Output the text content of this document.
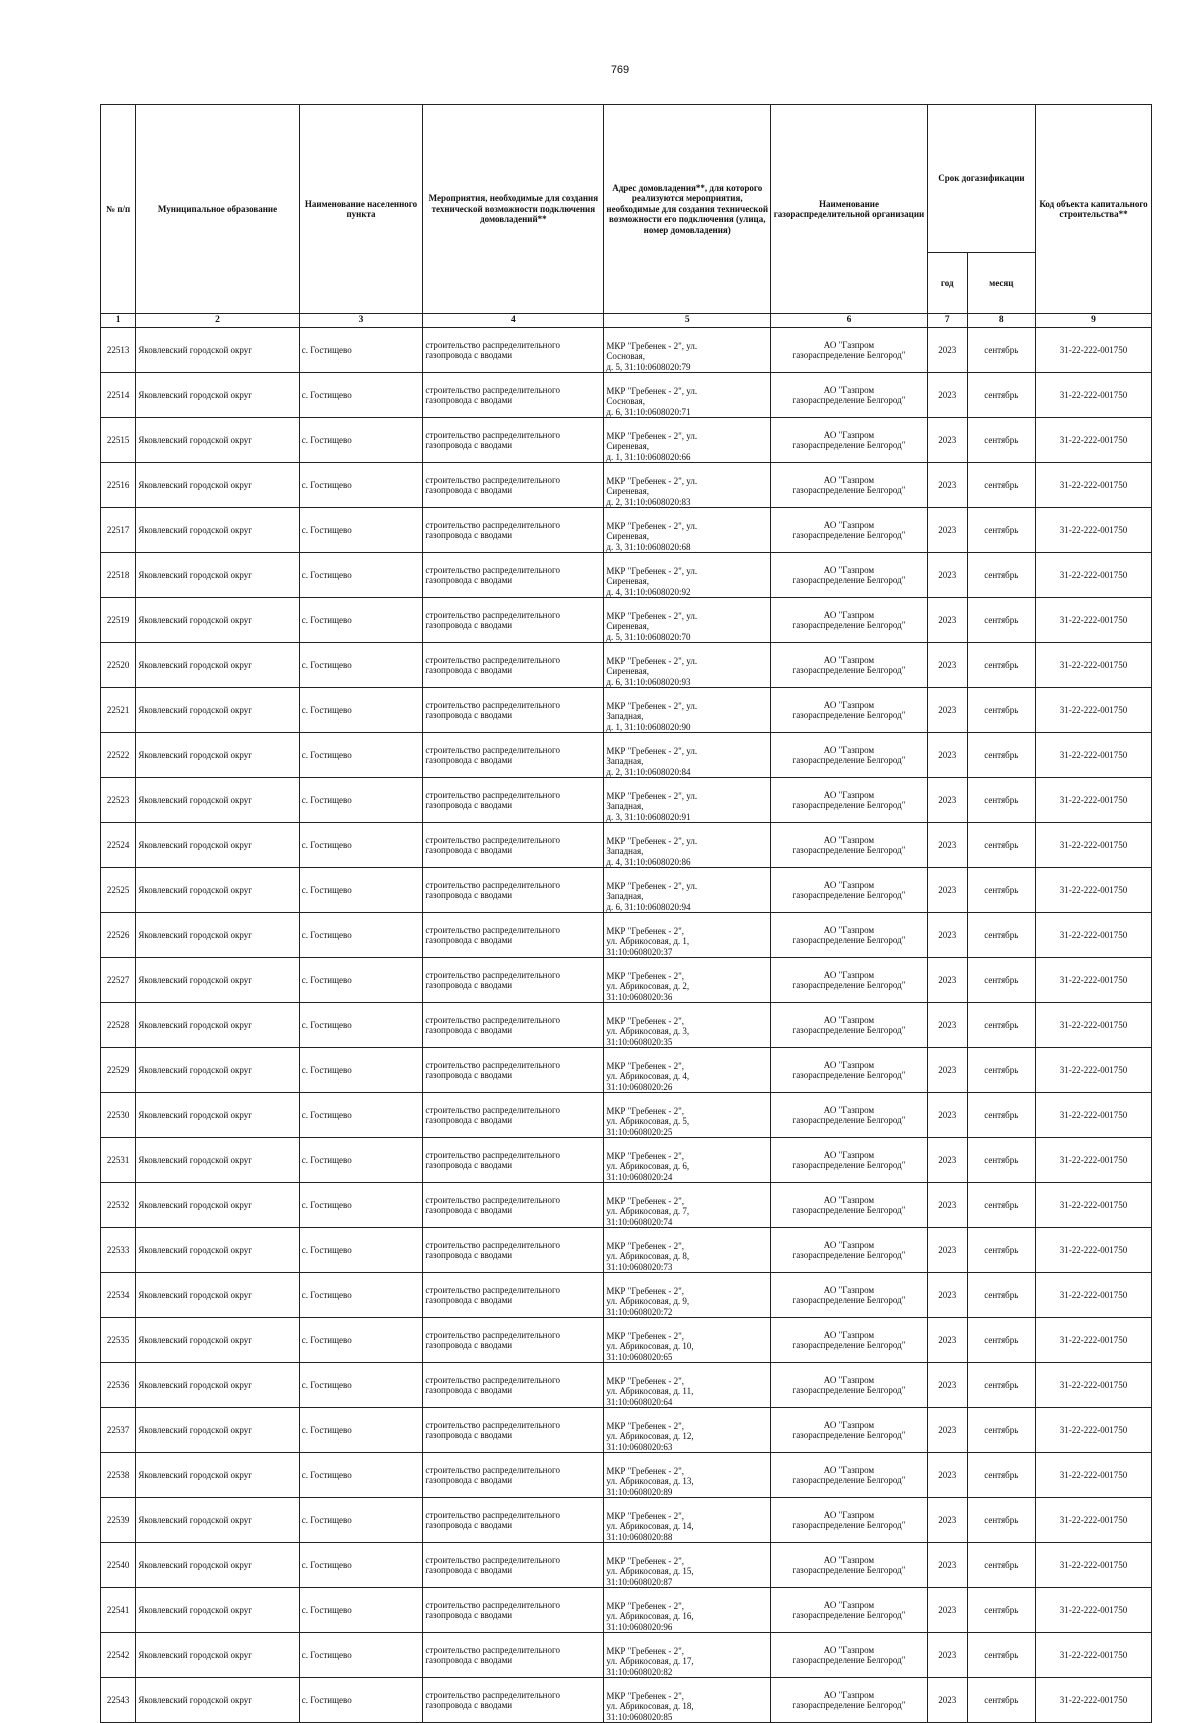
769
№ п/п	Муниципальное образование	Наименование населенного пункта	Мероприятия, необходимые для создания технической возможности подключения домовладений**	Адрес домовладения**, для которого реализуются мероприятия, необходимые для создания технической возможности его подключения (улица, номер домовладения)	Наименование газораспределительной организации	Срок догазификации		Код объекта капитального строительства**
						год	месяц	
1	2	3	4	5	6	7	8	9
22513	Яковлевский городской округ	с. Гостищево	строительство распределительного газопровода с вводами	МКР "Гребенек - 2", ул.
Сосновая,
д. 5, 31:10:0608020:79	АО "Газпром
газораспределение Белгород"	2023	сентябрь	31-22-222-001750
22514	Яковлевский городской округ	с. Гостищево	строительство распределительного газопровода с вводами	МКР "Гребенек - 2", ул.
Сосновая,
д. 6, 31:10:0608020:71	АО "Газпром
газораспределение Белгород"	2023	сентябрь	31-22-222-001750
22515	Яковлевский городской округ	с. Гостищево	строительство распределительного газопровода с вводами	МКР "Гребенек - 2", ул.
Сиреневая,
д. 1, 31:10:0608020:66	АО "Газпром
газораспределение Белгород"	2023	сентябрь	31-22-222-001750
22516	Яковлевский городской округ	с. Гостищево	строительство распределительного газопровода с вводами	МКР "Гребенек - 2", ул.
Сиреневая,
д. 2, 31:10:0608020:83	АО "Газпром
газораспределение Белгород"	2023	сентябрь	31-22-222-001750
22517	Яковлевский городской округ	с. Гостищево	строительство распределительного газопровода с вводами	МКР "Гребенек - 2", ул.
Сиреневая,
д. 3, 31:10:0608020:68	АО "Газпром
газораспределение Белгород"	2023	сентябрь	31-22-222-001750
22518	Яковлевский городской округ	с. Гостищево	строительство распределительного газопровода с вводами	МКР "Гребенек - 2", ул.
Сиреневая,
д. 4, 31:10:0608020:92	АО "Газпром
газораспределение Белгород"	2023	сентябрь	31-22-222-001750
22519	Яковлевский городской округ	с. Гостищево	строительство распределительного газопровода с вводами	МКР "Гребенек - 2", ул.
Сиреневая,
д. 5, 31:10:0608020:70	АО "Газпром
газораспределение Белгород"	2023	сентябрь	31-22-222-001750
22520	Яковлевский городской округ	с. Гостищево	строительство распределительного газопровода с вводами	МКР "Гребенек - 2", ул.
Сиреневая,
д. 6, 31:10:0608020:93	АО "Газпром
газораспределение Белгород"	2023	сентябрь	31-22-222-001750
22521	Яковлевский городской округ	с. Гостищево	строительство распределительного газопровода с вводами	МКР "Гребенек - 2", ул.
Западная,
д. 1, 31:10:0608020:90	АО "Газпром
газораспределение Белгород"	2023	сентябрь	31-22-222-001750
22522	Яковлевский городской округ	с. Гостищево	строительство распределительного газопровода с вводами	МКР "Гребенек - 2", ул.
Западная,
д. 2, 31:10:0608020:84	АО "Газпром
газораспределение Белгород"	2023	сентябрь	31-22-222-001750
22523	Яковлевский городской округ	с. Гостищево	строительство распределительного газопровода с вводами	МКР "Гребенек - 2", ул.
Западная,
д. 3, 31:10:0608020:91	АО "Газпром
газораспределение Белгород"	2023	сентябрь	31-22-222-001750
22524	Яковлевский городской округ	с. Гостищево	строительство распределительного газопровода с вводами	МКР "Гребенек - 2", ул.
Западная,
д. 4, 31:10:0608020:86	АО "Газпром
газораспределение Белгород"	2023	сентябрь	31-22-222-001750
22525	Яковлевский городской округ	с. Гостищево	строительство распределительного газопровода с вводами	МКР "Гребенек - 2", ул.
Западная,
д. 6, 31:10:0608020:94	АО "Газпром
газораспределение Белгород"	2023	сентябрь	31-22-222-001750
22526	Яковлевский городской округ	с. Гостищево	строительство распределительного газопровода с вводами	МКР "Гребенек - 2",
ул. Абрикосовая, д. 1,
31:10:0608020:37	АО "Газпром
газораспределение Белгород"	2023	сентябрь	31-22-222-001750
22527	Яковлевский городской округ	с. Гостищево	строительство распределительного газопровода с вводами	МКР "Гребенек - 2",
ул. Абрикосовая, д. 2,
31:10:0608020:36	АО "Газпром
газораспределение Белгород"	2023	сентябрь	31-22-222-001750
22528	Яковлевский городской округ	с. Гостищево	строительство распределительного газопровода с вводами	МКР "Гребенек - 2",
ул. Абрикосовая, д. 3,
31:10:0608020:35	АО "Газпром
газораспределение Белгород"	2023	сентябрь	31-22-222-001750
22529	Яковлевский городской округ	с. Гостищево	строительство распределительного газопровода с вводами	МКР "Гребенек - 2",
ул. Абрикосовая, д. 4,
31:10:0608020:26	АО "Газпром
газораспределение Белгород"	2023	сентябрь	31-22-222-001750
22530	Яковлевский городской округ	с. Гостищево	строительство распределительного газопровода с вводами	МКР "Гребенек - 2",
ул. Абрикосовая, д. 5,
31:10:0608020:25	АО "Газпром
газораспределение Белгород"	2023	сентябрь	31-22-222-001750
22531	Яковлевский городской округ	с. Гостищево	строительство распределительного газопровода с вводами	МКР "Гребенек - 2",
ул. Абрикосовая, д. 6,
31:10:0608020:24	АО "Газпром
газораспределение Белгород"	2023	сентябрь	31-22-222-001750
22532	Яковлевский городской округ	с. Гостищево	строительство распределительного газопровода с вводами	МКР "Гребенек - 2",
ул. Абрикосовая, д. 7,
31:10:0608020:74	АО "Газпром
газораспределение Белгород"	2023	сентябрь	31-22-222-001750
22533	Яковлевский городской округ	с. Гостищево	строительство распределительного газопровода с вводами	МКР "Гребенек - 2",
ул. Абрикосовая, д. 8,
31:10:0608020:73	АО "Газпром
газораспределение Белгород"	2023	сентябрь	31-22-222-001750
22534	Яковлевский городской округ	с. Гостищево	строительство распределительного газопровода с вводами	МКР "Гребенек - 2",
ул. Абрикосовая, д. 9,
31:10:0608020:72	АО "Газпром
газораспределение Белгород"	2023	сентябрь	31-22-222-001750
22535	Яковлевский городской округ	с. Гостищево	строительство распределительного газопровода с вводами	МКР "Гребенек - 2",
ул. Абрикосовая, д. 10,
31:10:0608020:65	АО "Газпром
газораспределение Белгород"	2023	сентябрь	31-22-222-001750
22536	Яковлевский городской округ	с. Гостищево	строительство распределительного газопровода с вводами	МКР "Гребенек - 2",
ул. Абрикосовая, д. 11,
31:10:0608020:64	АО "Газпром
газораспределение Белгород"	2023	сентябрь	31-22-222-001750
22537	Яковлевский городской округ	с. Гостищево	строительство распределительного газопровода с вводами	МКР "Гребенек - 2",
ул. Абрикосовая, д. 12,
31:10:0608020:63	АО "Газпром
газораспределение Белгород"	2023	сентябрь	31-22-222-001750
22538	Яковлевский городской округ	с. Гостищево	строительство распределительного газопровода с вводами	МКР "Гребенек - 2",
ул. Абрикосовая, д. 13,
31:10:0608020:89	АО "Газпром
газораспределение Белгород"	2023	сентябрь	31-22-222-001750
22539	Яковлевский городской округ	с. Гостищево	строительство распределительного газопровода с вводами	МКР "Гребенек - 2",
ул. Абрикосовая, д. 14,
31:10:0608020:88	АО "Газпром
газораспределение Белгород"	2023	сентябрь	31-22-222-001750
22540	Яковлевский городской округ	с. Гостищево	строительство распределительного газопровода с вводами	МКР "Гребенек - 2",
ул. Абрикосовая, д. 15,
31:10:0608020:87	АО "Газпром
газораспределение Белгород"	2023	сентябрь	31-22-222-001750
22541	Яковлевский городской округ	с. Гостищево	строительство распределительного газопровода с вводами	МКР "Гребенек - 2",
ул. Абрикосовая, д. 16,
31:10:0608020:96	АО "Газпром
газораспределение Белгород"	2023	сентябрь	31-22-222-001750
22542	Яковлевский городской округ	с. Гостищево	строительство распределительного газопровода с вводами	МКР "Гребенек - 2",
ул. Абрикосовая, д. 17,
31:10:0608020:82	АО "Газпром
газораспределение Белгород"	2023	сентябрь	31-22-222-001750
22543	Яковлевский городской округ	с. Гостищево	строительство распределительного газопровода с вводами	МКР "Гребенек - 2",
ул. Абрикосовая, д. 18,
31:10:0608020:85	АО "Газпром
газораспределение Белгород"	2023	сентябрь	31-22-222-001750
